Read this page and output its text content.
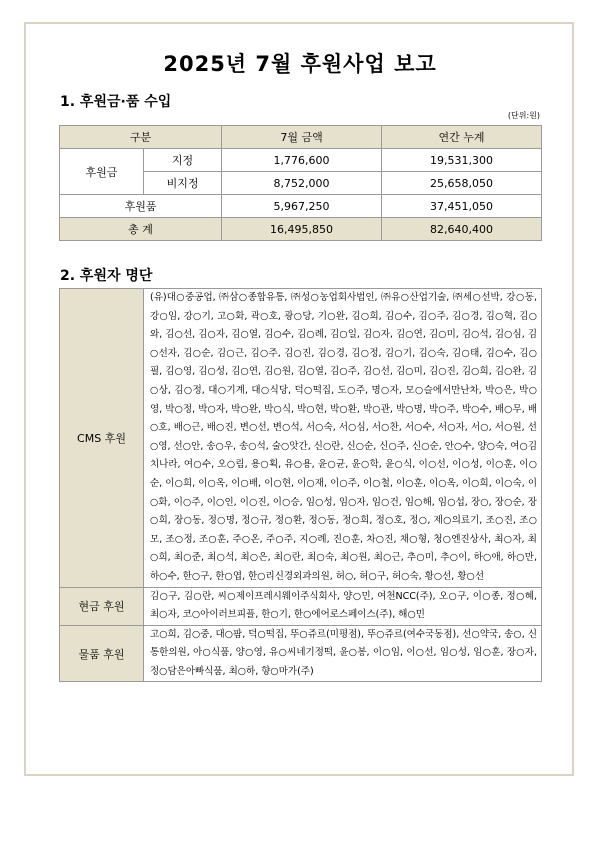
2025년 7월 후원사업 보고
1. 후원금·품 수입
(단위:원)
구분		7월 금액	연간 누계
후원금	지정	1,776,600	19,531,300
	비지정	8,752,000	25,658,050
후원품		5,967,250	37,451,050
총 계		16,495,850	82,640,400
2. 후원자 명단
CMS 후원	(유)대○중공업, ㈜삼○종합유통, ㈜성○농업회사법인, ㈜유○산업기술, ㈜세○선박, 강○동, 강○임, 강○기, 고○화, 곽○호, 광○당, 기○완, 김○희, 김○수, 김○주, 김○경, 김○혁, 김○와, 김○선, 김○자, 김○열, 김○수, 김○례, 김○일, 김○자, 김○연, 김○미, 김○석, 김○심, 김○선자, 김○순, 김○근, 김○주, 김○진, 김○경, 김○정, 김○기, 김○숙, 김○태, 김○수, 김○필, 김○영, 김○성, 김○연, 김○원, 김○열, 김○주, 김○선, 김○미, 김○진, 김○희, 김○완, 김○상, 김○정, 대○기계, 대○식당, 덕○떡집, 도○주, 명○자, 모○슬에서만난차, 박○은, 박○영, 박○정, 박○자, 박○완, 박○식, 박○현, 박○환, 박○관, 박○명, 박○주, 박○수, 배○무, 배○호, 배○근, 배○진, 변○선, 변○석, 서○숙, 서○심, 서○찬, 서○수, 서○자, 서○, 서○원, 선○영, 선○안, 송○우, 송○석, 술○앗간, 신○란, 신○순, 신○주, 신○순, 안○수, 양○숙, 여○김치나라, 여○수, 오○림, 용○획, 유○용, 윤○균, 윤○학, 윤○식, 이○선, 이○성, 이○훈, 이○순, 이○희, 이○옥, 이○배, 이○현, 이○재, 이○주, 이○철, 이○훈, 이○옥, 이○희, 이○숙, 이○화, 이○주, 이○인, 이○진, 이○승, 임○성, 임○자, 임○건, 임○해, 임○섭, 장○, 장○순, 장○희, 장○동, 정○명, 정○규, 정○환, 정○동, 정○희, 정○호, 정○, 제○의료기, 조○진, 조○모, 조○정, 조○훈, 주○온, 주○주, 지○례, 진○훈, 차○진, 채○형, 청○엔진상사, 최○자, 최○희, 최○준, 최○석, 최○은, 최○란, 최○숙, 최○원, 최○근, 추○미, 추○이, 하○애, 하○만, 하○수, 한○구, 한○엽, 한○리신경외과의원, 허○, 허○구, 허○숙, 황○선, 황○선
현금 후원	김○구, 김○란, 씨○제이프레시웨이주식회사, 양○민, 여천NCC(주), 오○구, 이○종, 정○혜, 최○자, 코○아이러브피플, 한○기, 한○에어로스페이스(주), 해○민
물품 후원	고○희, 김○중, 대○팜, 덕○떡집, 뚜○쥬르(미평점), 뚜○쥬르(여수국동점), 선○약국, 송○, 신통한의원, 아○식품, 양○영, 유○씨네기정떡, 윤○봉, 이○임, 이○선, 임○성, 임○훈, 장○자, 정○담은아빠식품, 최○하, 향○마가(주)
